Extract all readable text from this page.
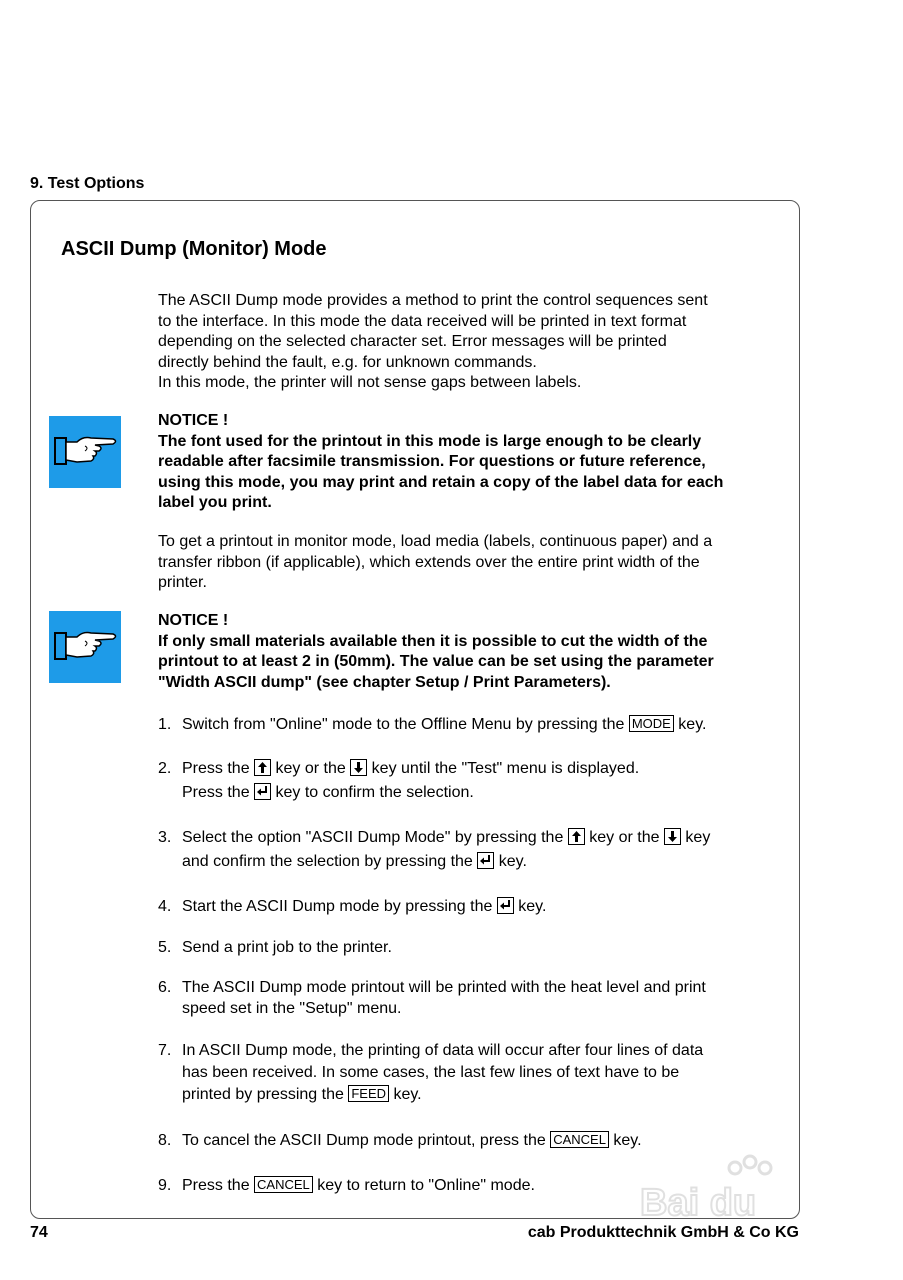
9. Test Options
ASCII Dump (Monitor) Mode
The ASCII Dump mode provides a method to print the control sequences sent
to the interface. In this mode the data received will be printed in text format
depending on the selected character set. Error messages will be printed
directly behind the fault, e.g. for unknown commands.
In this mode, the printer will not sense gaps between labels.
NOTICE !
The font used for the printout in this mode is large enough to be clearly
readable after facsimile transmission. For questions or future reference,
using this mode, you may print and retain a copy of the label data for each
label you print.
To get a printout in monitor mode, load media (labels, continuous paper) and a
transfer ribbon (if applicable), which extends over the entire print width of the
printer.
NOTICE !
If only small materials available then it is possible to cut the width of the
printout to at least 2 in (50mm). The value can be set using the parameter
"Width ASCII dump" (see chapter Setup / Print Parameters).
1. Switch from "Online" mode to the Offline Menu by pressing the MODE key.
2. Press the key or the key until the "Test" menu is displayed.
Press the key to confirm the selection.
3. Select the option "ASCII Dump Mode" by pressing the key or the key
and confirm the selection by pressing the key.
4. Start the ASCII Dump mode by pressing the key.
5. Send a print job to the printer.
6. The ASCII Dump mode printout will be printed with the heat level and print
speed set in the "Setup" menu.
7. In ASCII Dump mode, the printing of data will occur after four lines of data
has been received. In some cases, the last few lines of text have to be
printed by pressing the FEED key.
8. To cancel the ASCII Dump mode printout, press the CANCEL key.
9. Press the CANCEL key to return to "Online" mode.	Bai du
74	cab Produkttechnik GmbH & Co KG
